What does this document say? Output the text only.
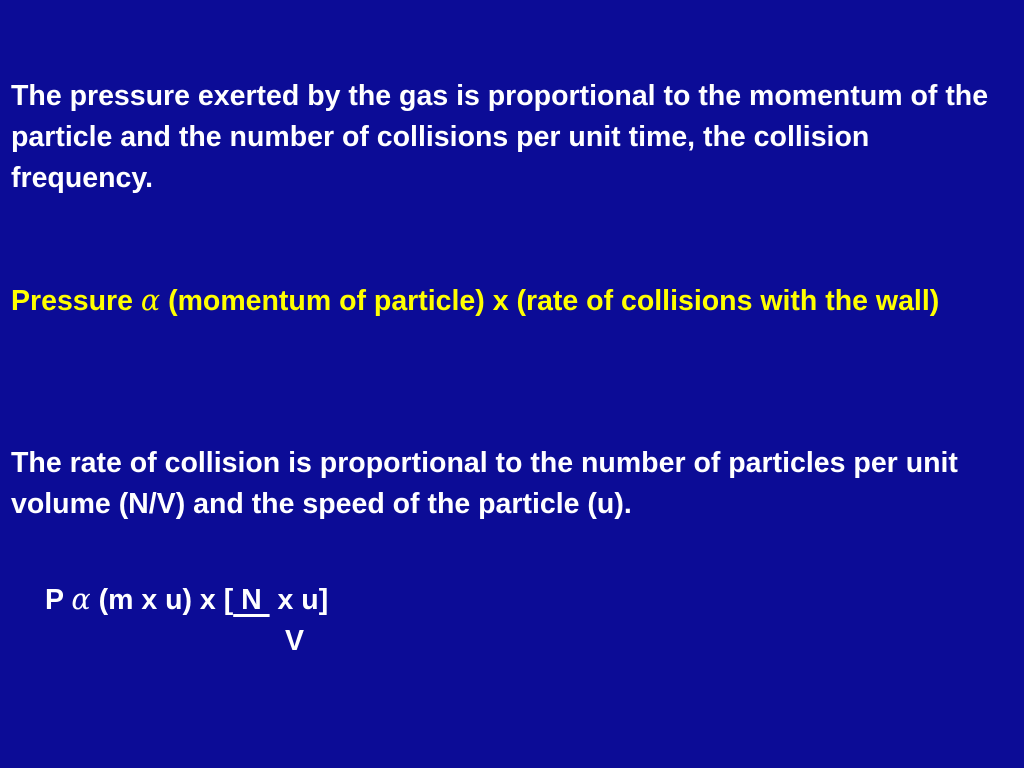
The pressure exerted by the gas is proportional to the momentum of the particle and the number of collisions per unit time, the collision frequency.

Pressure α (momentum of particle) x (rate of collisions with the wall)

The rate of collision is proportional to the number of particles per unit volume (N/V) and the speed of the particle (u).

P α (m x u) x [ N  x u]
V
